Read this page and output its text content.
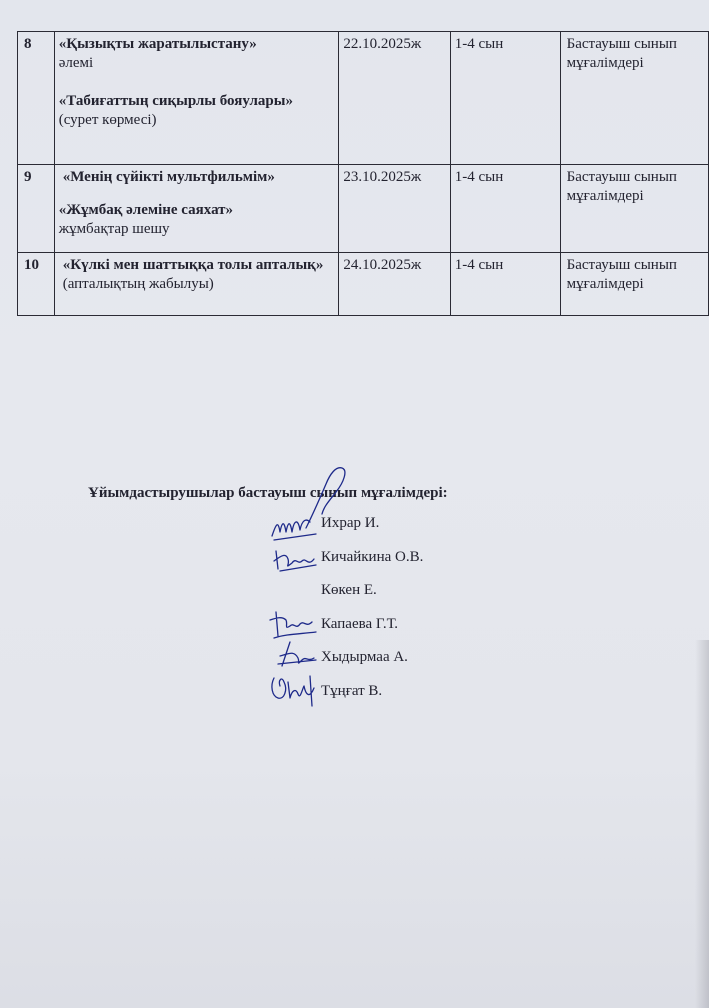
8	«Қызықты жаратылыстану»
әлемі
«Табиғаттың сиқырлы бояулары» (сурет көрмесі)	22.10.2025ж	1-4 сын	Бастауыш сынып мұғалімдері
9	«Менің сүйікті мультфильмім»
«Жұмбақ әлеміне саяхат»
жұмбақтар шешу	23.10.2025ж	1-4 сын	Бастауыш сынып мұғалімдері
10	«Күлкі мен шаттыққа толы апталық» (апталықтың жабылуы)	24.10.2025ж	1-4 сын	Бастауыш сынып мұғалімдері

Ұйымдастырушылар бастауыш сынып мұғалімдері:

Ихрар И.
Кичайкина О.В.
Көкен Е.
Капаева Г.Т.
Хыдырмаа А.
Тұңғат В.
